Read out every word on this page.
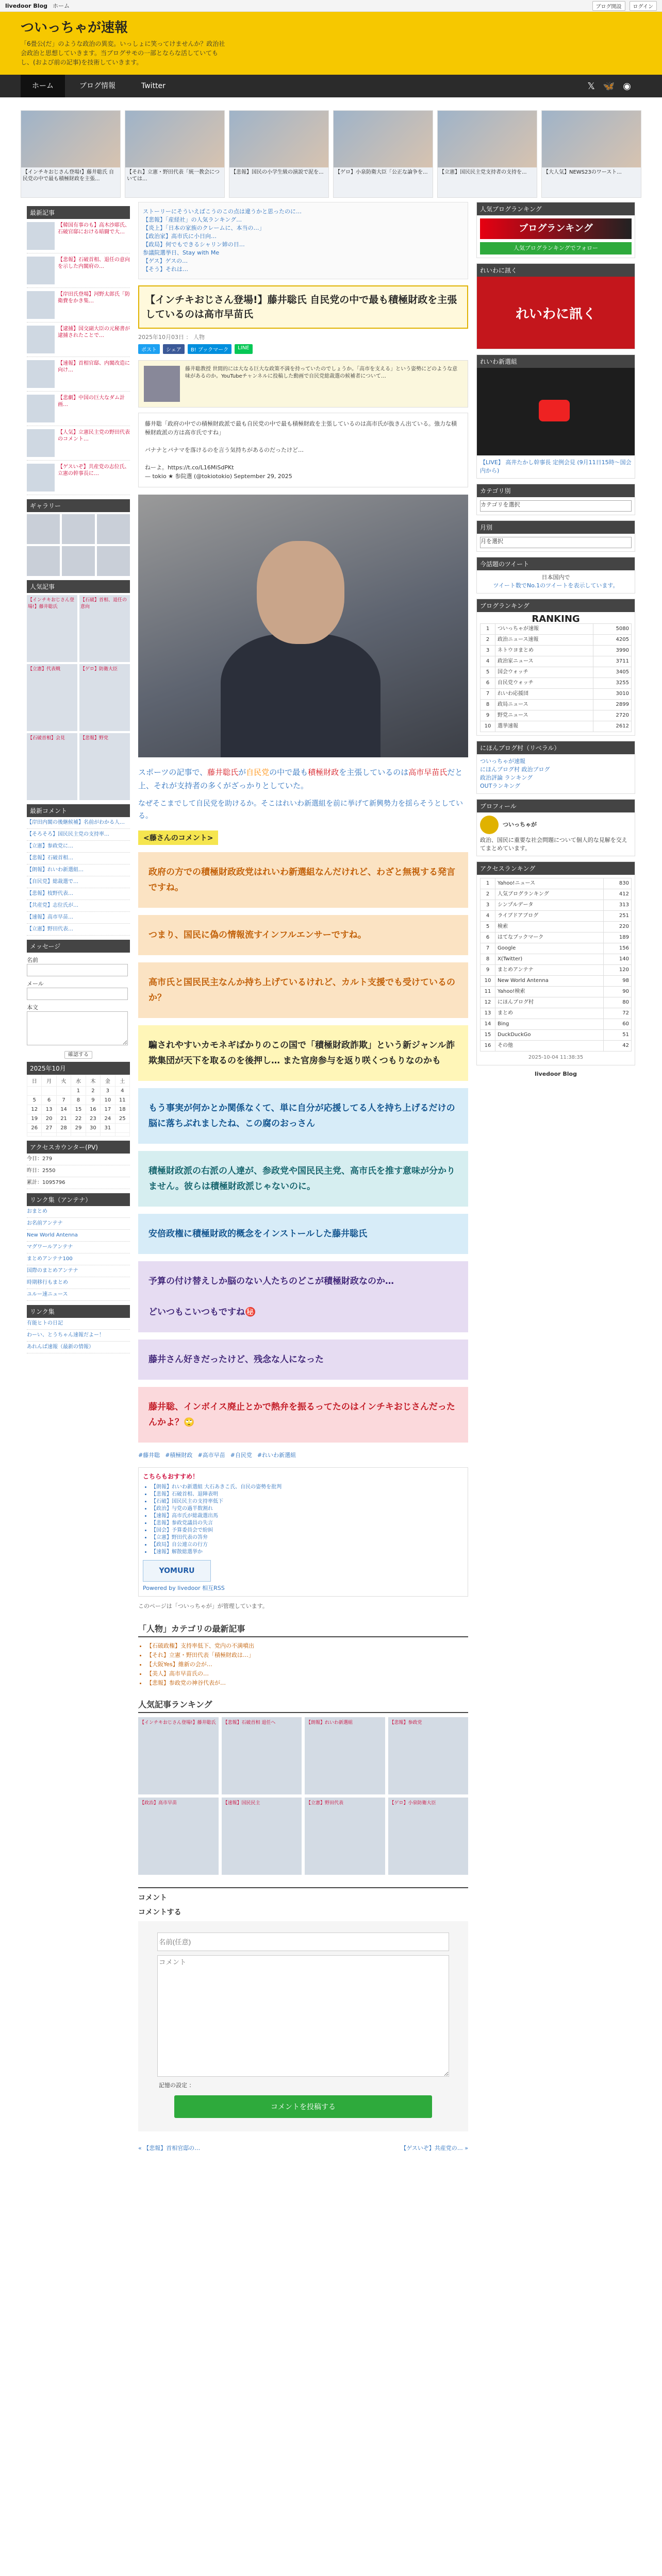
livedoor Blog ホーム	ブログ開設	ログイン
ついっちゃが速報
「6畳公(だ」のような政治の異変。いっしょに笑ってけませんか？政治社会政治と思想していきます。当ブログサモの一部とならな活していてもし、(および前の記事)を技術していきます。
ホーム	ブログ情報	Twitter	𝕏 🦋 ◉
【インチキおじさん登場!】藤井聡氏 自民党の中で最も積極財政を主張...
【それ】立憲・野田代表「統一教会については...
【悲報】国民の小学生級の演説で泥を...	【ゲロ】小泉防衛大臣「公正な論争を...	【立憲】国民民主党支持者の支持を...	【大人気】NEWS23のワースト...
最新記事
【韓国有事のも】高木沙耶氏、石破官邸における暗闘で大…
【悲報】石破首相、退任の意向を示した内閣府の…
【岸田氏登場】河野太郎氏「防衛費をかき集…
【逮捕】国交副大臣の元秘書が逮捕されたことで…
【速報】首相官邸、内閣改造に向け…
【悲劇】中国の巨大なダム計画…
【人気】立憲民主党の野田代表のコメント…
【ゲスいぞ】共産党の志位氏、立憲の幹事長に…
ギャラリー
人気記事
【インチキおじさん登場!】藤井聡氏
【石破】首相、退任の意向
【立憲】代表戦	【ゲロ】防衛大臣
【石破首相】会見	【悲報】野党
最新コメント
【岸田内閣の後継候補】名前がわかる人…
【そろそろ】国民民主党の支持率…
【立憲】参政党に…
【悲報】石破首相…
【朗報】れいわ新選組…
【自民党】総裁選で…
【悲報】枝野代表…
【共産党】志位氏が…
【速報】高市早苗…
【立憲】野田代表…
メッセージ
名前
メール
本文
確認する
2025年10月
日	月	火	水	木	金	土
			1	2	3	4
5	6	7	8	9	10	11
12	13	14	15	16	17	18
19	20	21	22	23	24	25
26	27	28	29	30	31	

アクセスカウンター(PV)
今日：279
昨日：2550
累計：1095796
リンク集（アンテナ）
おまとめ
お名前アンテナ
New World Antenna
マグワールアンテナ
まとめアンテナ100
国際のまとめアンテナ
時期移行もまとめ
ユルー速ニュース
リンク集
有能ヒトの日記
わーい、とうちゃん速報だよー！
あれんぱ速報（最新の情報）
ストーリーにそういえばこうのこの点は違うかと思ったのに…
【悲報】「産経社」の人気ランキング…
【炎上】「日本の家族のクレームに、本当の…」
【政治家】高市氏に小日向…
【政局】何でもできるシャリン姉の日…
参議院選挙日、Stay with Me
【ゲス】ゲスの…
【そう】それは…
【インチキおじさん登場!】藤井聡氏 自民党の中で最も積極財政を主張しているのは高市早苗氏
2025年10月03日 ： 人物
ポスト	シェア	B! ブックマーク	LINE
藤井聡教授 世間的には大なる巨大な政策不満を持っていたのでしょうか。「高市を支える」という姿勢にどのような意味があるのか。YouTubeチャンネルに投稿した動画で自民党総裁選の候補者について…
藤井聡「政府の中での積極財政派で最も自民党の中で最も積極財政を主張しているのは高市氏が抜きん出ている。強力な積極財政派の方は高市氏ですね」

バナナとパナマを落けるのを言う気持ちがあるのだったけど…

ねーよ。https://t.co/L16MiSdPKt
— tokio ★ 参院選 (@tokiotokio) September 29, 2025
スポーツの記事で、藤井聡氏が自民党の中で最も積極財政を主張しているのは高市早苗氏だと上、それが支持者の多くがざっかりとしていた。
なぜそこまでして自民党を助けるか。そこはれいわ新選組を前に挙げて新興勢力を揺らそうとしている。
<藤さんのコメント>
政府の方での積極財政政党はれいわ新選組なんだけれど、わざと無視する発言ですね。
つまり、国民に偽の情報流すインフルエンサーですね。
高市氏と国民民主なんか持ち上げているけれど、カルト支援でも受けているのか？
騙されやすいカモネギばかりのこの国で「積極財政詐欺」という新ジャンル詐欺集団が天下を取るのを後押し… また官房参与を返り咲くつもりなのかも
もう事実が何かとか関係なくて、単に自分が応援してる人を持ち上げるだけの脳に落ちぶれましたね、この腐のおっさん
積極財政派の右派の人達が、参政党や国民民主党、高市氏を推す意味が分かりません。彼らは積極財政派じゃないのに。
安倍政権に積極財政的概念をインストールした藤井聡氏
予算の付け替えしか脳のない人たちのどこが積極財政なのか…

どいつもこいつもですね㊙️
藤井さん好きだったけど、残念な人になった
藤井聡、インボイス廃止とかで熱弁を振るってたのはインチキおじさんだったんかよ？🙄
#藤井聡 #積極財政 #高市早苗 #自民党 #れいわ新選組
こちらもおすすめ！
• 【朗報】れいわ新選組 大石あきこ氏、自民の姿勢を批判
• 【悲報】石破首相、退陣表明
• 【石破】国民民主の支持率低下
• 【政治】与党の過半数割れ
• 【速報】高市氏が総裁選出馬
• 【悲報】参政党議員の失言
• 【国会】予算委員会で紛糾
• 【立憲】野田代表の答弁
• 【政局】自公連立の行方
• 【速報】解散総選挙か
YOMURU
Powered by livedoor 相互RSS
このページは「ついっちゃが」が管理しています。
「人物」カテゴリの最新記事
• 【石破政権】支持率低下、党内の不満噴出
• 【それ】立憲・野田代表「積極財政は…」
• 【大阪Yes】維新の会が…
• 【美人】高市早苗氏の…
• 【悲報】参政党の神谷代表が…
人気記事ランキング
【インチキおじさん登場!】藤井聡氏	【悲報】石破首相 退任へ	【朗報】れいわ新選組	【悲報】参政党
【政治】高市早苗	【速報】国民民主	【立憲】野田代表	【ゲロ】小泉防衛大臣
コメント
コメントする
名前(任意)
コメント
記憶の設定 ：
コメントを投稿する
« 【悲報】首相官邸の…	【ゲスいぞ】共産党の… »
人気ブログランキング
ブログランキング
人気ブログランキングでフォロー
れいわに訊く
れいわに訊く
れいわ新選組
【LIVE】 高井たかし幹事長 定例会見 (9月11日15時〜国会内から)
カテゴリ別
カテゴリを選択
月別
月を選択
今話題のツイート
日本国内で
ツイート数でNo.1のツイートを表示しています。
ブログランキング
RANKING
1	ついっちゃが速報	5080
2	政治ニュース速報	4205
3	ネトウヨまとめ	3990
4	政治家ニュース	3711
5	国会ウォッチ	3405
6	自民党ウォッチ	3255
7	れいわ応援団	3010
8	政局ニュース	2899
9	野党ニュース	2720
10	選挙速報	2612
にほんブログ村（リベラル）
ついっちゃが速報
にほんブログ村 政治ブログ
政治評論 ランキング
OUTランキング
プロフィール
ついっちゃが
政治、国民に重要な社会問題について個人的な見解を交えてまとめています。
アクセスランキング
1	Yahoo!ニュース	830
2	人気ブログランキング	412
3	シンプルデータ	313
4	ライブドアブログ	251
5	検索	220
6	はてなブックマーク	189
7	Google	156
8	X(Twitter)	140
9	まとめアンテナ	120
10	New World Antenna	98
11	Yahoo!検索	90
12	にほんブログ村	80
13	まとめ	72
14	Bing	60
15	DuckDuckGo	51
16	その他	42
2025-10-04 11:38:35
livedoor Blog
